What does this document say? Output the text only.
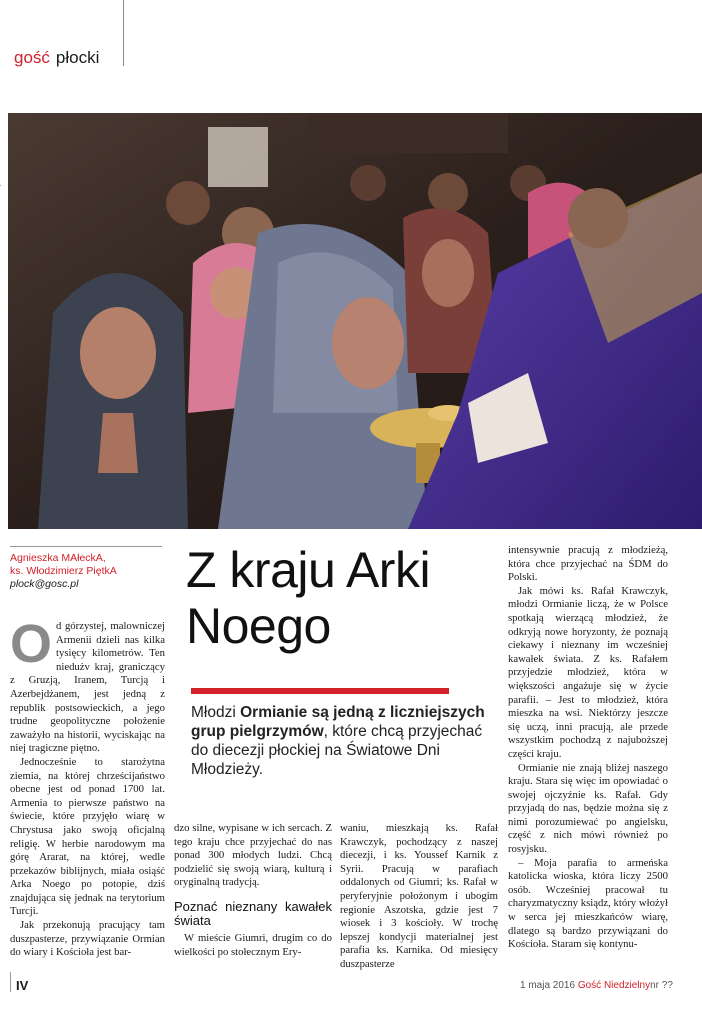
gość płocki
Agnieszka MAłeckA,
ks. Włodzimierz PiętkA
plock@gosc.pl	Z kraju Arki
Noego
Młodzi Ormianie są jedną z liczniejszych grup pielgrzymów, które chcą przyjechać do diecezji płockiej na Światowe Dni Młodzieży.
O d górzystej, malowniczej Armenii dzieli nas kilka tysięcy kilometrów. Ten niedużv kraj, graniczący z Gruzją, Iranem, Turcją i Azerbejdżanem, jest jedną z republik postsowieckich, a jego trudne geopolityczne położenie zaważyło na historii, wyciskając na niej tragiczne piętno.

Jednocześnie to starożytna ziemia, na której chrześcijaństwo obecne jest od ponad 1700 lat. Armenia to pierwsze państwo na świecie, które przyjęło wiarę w Chrystusa jako swoją oficjalną religię. W herbie narodowym ma górę Ararat, na której, wedle przekazów biblijnych, miała osiąść Arka Noego po potopie, dziś znajdująca się jednak na terytorium Turcji.

Jak przekonują pracujący tam duszpasterze, przywiązanie Ormian do wiary i Kościoła jest bar-

dzo silne, wypisane w ich sercach. Z tego kraju chce przyjechać do nas ponad 300 młodych ludzi. Chcą podzielić się swoją wiarą, kulturą i oryginalną tradycją.

Poznać nieznany kawałek świata

W mieście Giumri, drugim co do wielkości po stołecznym Ery-

waniu, mieszkają ks. Rafał Krawczyk, pochodzący z naszej diecezji, i ks. Youssef Karnik z Syrii. Pracują w parafiach oddalonych od Giumri; ks. Rafał w peryferyjnie położonym i ubogim regionie Aszotska, gdzie jest 7 wiosek i 3 kościoły. W trochę lepszej kondycji materialnej jest parafia ks. Karnika. Od miesięcy duszpasterze

intensywnie pracują z młodzieżą, która chce przyjechać na ŚDM do Polski.

Jak mówi ks. Rafał Krawczyk, młodzi Ormianie liczą, że w Polsce spotkają wierzącą młodzież, że odkryją nowe horyzonty, że poznają ciekawy i nieznany im wcześniej kawałek świata. Z ks. Rafałem przyjedzie młodzież, która w większości angażuje się w życie parafii. – Jest to młodzież, która mieszka na wsi. Niektórzy jeszcze się uczą, inni pracują, ale przede wszystkim pochodzą z najuboższej części kraju.

Ormianie nie znają bliżej naszego kraju. Stara się więc im opowiadać o swojej ojczyźnie ks. Rafał. Gdy przyjadą do nas, będzie można się z nimi porozumiewać po angielsku, część z nich mówi również po rosyjsku.

– Moja parafia to armeńska katolicka wioska, która liczy 2500 osób. Wcześniej pracował tu charyzmatyczny ksiądz, który włożył w serca jej mieszkańców wiarę, dlatego są bardzo przywiązani do Kościoła. Staram się kontynu-

IV	1 maja 2016 Gość Niedzielnynr ??
